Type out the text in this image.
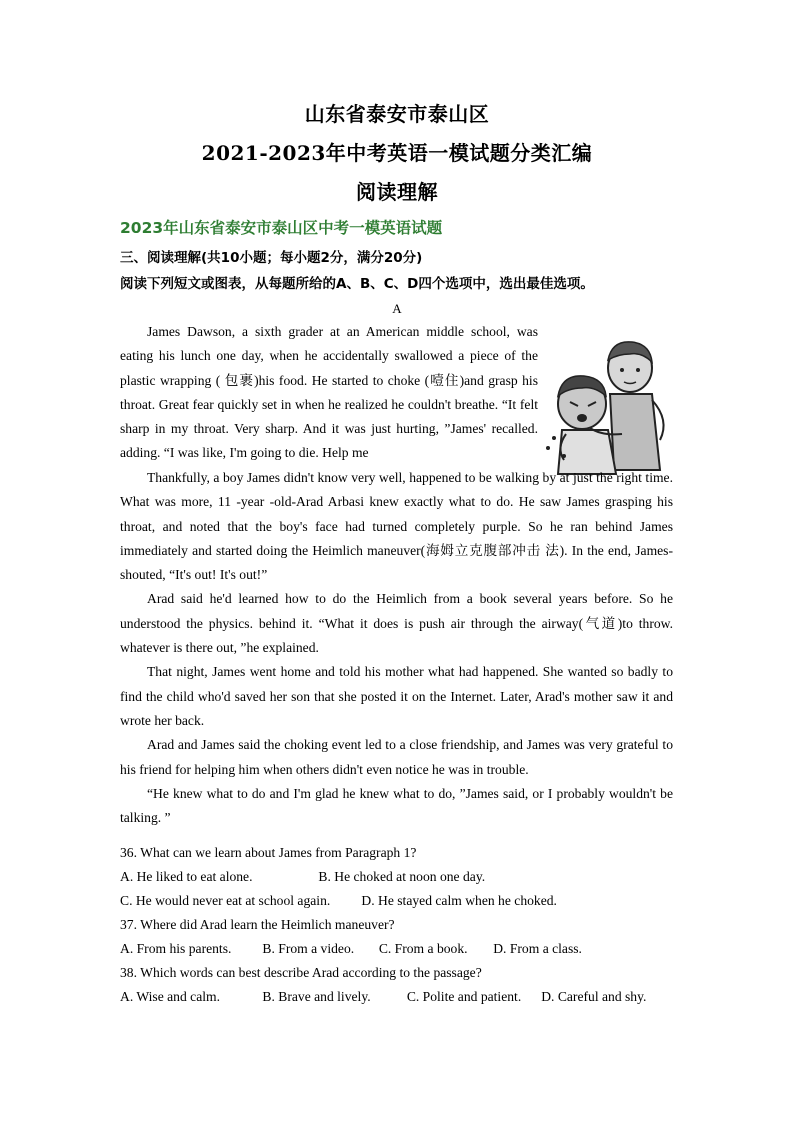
山东省泰安市泰山区
2021-2023年中考英语一模试题分类汇编
阅读理解
2023年山东省泰安市泰山区中考一模英语试题
三、阅读理解(共10小题；每小题2分，满分20分)
阅读下列短文或图表，从每题所给的A、B、C、D四个选项中，选出最佳选项。
A

James Dawson, a sixth grader at an American middle school, was eating his lunch one day, when he accidentally swallowed a piece of the plastic wrapping ( 包裹)his food. He started to choke (噎住)and grasp his throat. Great fear quickly set in when he realized he couldn't breathe. “It felt sharp in my throat. Very sharp. And it was just hurting, ”James' recalled. adding. “I was like, I'm going to die. Help me

Thankfully, a boy James didn't know very well, happened to be walking by at just the right time. What was more, 11 -year -old-Arad Arbasi knew exactly what to do. He saw James grasping his throat, and noted that the boy's face had turned completely purple. So he ran behind James immediately and started doing the Heimlich maneuver(海姆立克腹部冲击 法). In the end, James-shouted, “It's out! It's out!”

Arad said he'd learned how to do the Heimlich from a book several years before. So he understood the physics. behind it. “What it does is push air through the airway(气道)to throw. whatever is there out, ”he explained.

That night, James went home and told his mother what had happened. She wanted so badly to find the child who'd saved her son that she posted it on the Internet. Later, Arad's mother saw it and wrote her back.

Arad and James said the choking event led to a close friendship, and James was very grateful to his friend for helping him when others didn't even notice he was in trouble.

“He knew what to do and I'm glad he knew what to do, ”James said, or I probably wouldn't be talking. ”

36. What can we learn about James from Paragraph 1?
A. He liked to eat alone.	B. He choked at noon one day.
C. He would never eat at school again. D. He stayed calm when he choked.
37. Where did Arad learn the Heimlich maneuver?
A. From his parents. B. From a video. C. From a book. D. From a class.
38. Which words can best describe Arad according to the passage?
A. Wise and calm.	B. Brave and lively.	C. Polite and patient. D. Careful and shy.
